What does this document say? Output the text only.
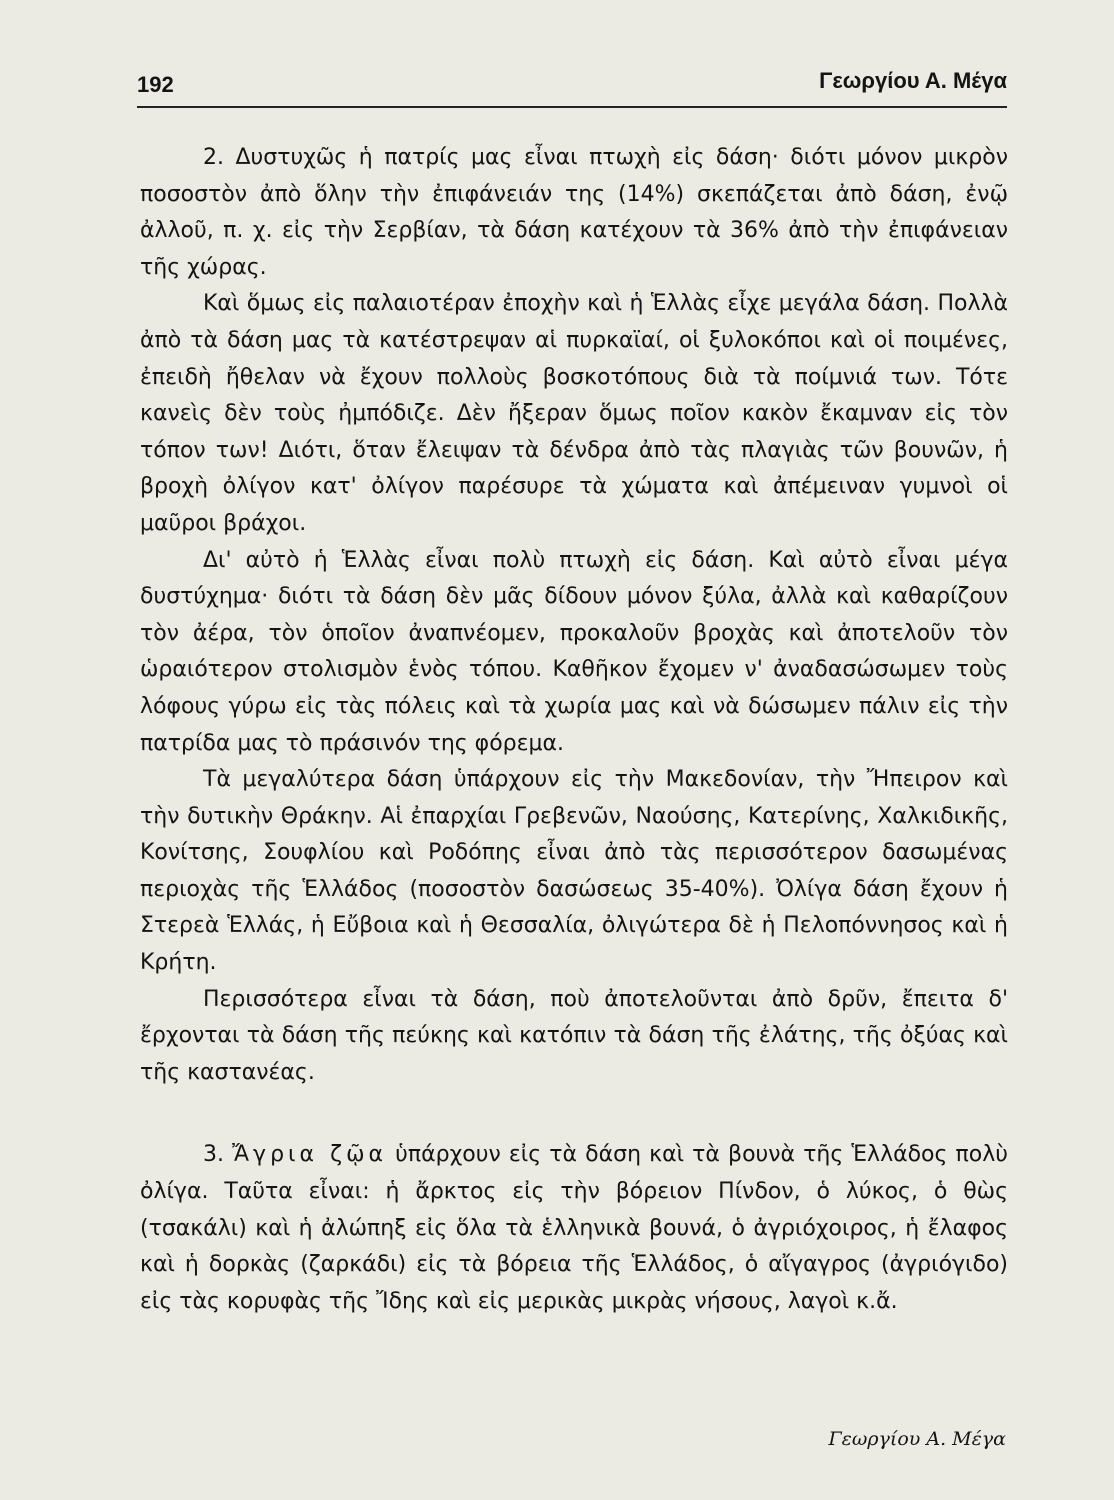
192	Γεωργίου Α. Μέγα

2. Δυστυχῶς ἡ πατρίς μας εἶναι πτωχὴ εἰς δάση· διότι μόνον μικρὸν ποσοστὸν ἀπὸ ὅλην τὴν ἐπιφάνειάν της (14%) σκεπάζεται ἀπὸ δάση, ἐνῷ ἀλλοῦ, π. χ. εἰς τὴν Σερβίαν, τὰ δάση κατέχουν τὰ 36% ἀπὸ τὴν ἐπιφάνειαν τῆς χώρας.

Καὶ ὅμως εἰς παλαιοτέραν ἐποχὴν καὶ ἡ Ἑλλὰς εἶχε μεγάλα δάση. Πολλὰ ἀπὸ τὰ δάση μας τὰ κατέστρεψαν αἱ πυρκαϊαί, οἱ ξυλοκόποι καὶ οἱ ποιμένες, ἐπειδὴ ἤθελαν νὰ ἔχουν πολλοὺς βοσκοτόπους διὰ τὰ ποίμνιά των. Τότε κανεὶς δὲν τοὺς ἠμπόδιζε. Δὲν ἤξεραν ὅμως ποῖον κακὸν ἔκαμναν εἰς τὸν τόπον των! Διότι, ὅταν ἔλειψαν τὰ δένδρα ἀπὸ τὰς πλαγιὰς τῶν βουνῶν, ἡ βροχὴ ὀλίγον κατ' ὀλίγον παρέσυρε τὰ χώματα καὶ ἀπέμειναν γυμνοὶ οἱ μαῦροι βράχοι.

Δι' αὐτὸ ἡ Ἑλλὰς εἶναι πολὺ πτωχὴ εἰς δάση. Καὶ αὐτὸ εἶναι μέγα δυστύχημα· διότι τὰ δάση δὲν μᾶς δίδουν μόνον ξύλα, ἀλλὰ καὶ καθαρίζουν τὸν ἀέρα, τὸν ὁποῖον ἀναπνέομεν, προκαλοῦν βροχὰς καὶ ἀποτελοῦν τὸν ὡραιότερον στολισμὸν ἑνὸς τόπου. Καθῆκον ἔχομεν ν' ἀναδασώσωμεν τοὺς λόφους γύρω εἰς τὰς πόλεις καὶ τὰ χωρία μας καὶ νὰ δώσωμεν πάλιν εἰς τὴν πατρίδα μας τὸ πράσινόν της φόρεμα.

Τὰ μεγαλύτερα δάση ὑπάρχουν εἰς τὴν Μακεδονίαν, τὴν Ἤπειρον καὶ τὴν δυτικὴν Θράκην. Αἱ ἐπαρχίαι Γρεβενῶν, Ναούσης, Κατερίνης, Χαλκιδικῆς, Κονίτσης, Σουφλίου καὶ Ροδόπης εἶναι ἀπὸ τὰς περισσότερον δασωμένας περιοχὰς τῆς Ἑλλάδος (ποσοστὸν δασώσεως 35-40%). Ὀλίγα δάση ἔχουν ἡ Στερεὰ Ἑλλάς, ἡ Εὔβοια καὶ ἡ Θεσσαλία, ὀλιγώτερα δὲ ἡ Πελοπόννησος καὶ ἡ Κρήτη.

Περισσότερα εἶναι τὰ δάση, ποὺ ἀποτελοῦνται ἀπὸ δρῦν, ἔπειτα δ' ἔρχονται τὰ δάση τῆς πεύκης καὶ κατόπιν τὰ δάση τῆς ἐλάτης, τῆς ὀξύας καὶ τῆς καστανέας.

3. Ἄγρια ζῷα ὑπάρχουν εἰς τὰ δάση καὶ τὰ βουνὰ τῆς Ἑλλάδος πολὺ ὀλίγα. Ταῦτα εἶναι: ἡ ἄρκτος εἰς τὴν βόρειον Πίνδον, ὁ λύκος, ὁ θὼς (τσακάλι) καὶ ἡ ἀλώπηξ εἰς ὅλα τὰ ἑλληνικὰ βουνά, ὁ ἀγριόχοιρος, ἡ ἔλαφος καὶ ἡ δορκὰς (ζαρκάδι) εἰς τὰ βόρεια τῆς Ἑλλάδος, ὁ αἴγαγρος (ἀγριόγιδο) εἰς τὰς κορυφὰς τῆς Ἴδης καὶ εἰς μερικὰς μικρὰς νήσους, λαγοὶ κ.ἄ.

Γεωργίου Α. Μέγα
